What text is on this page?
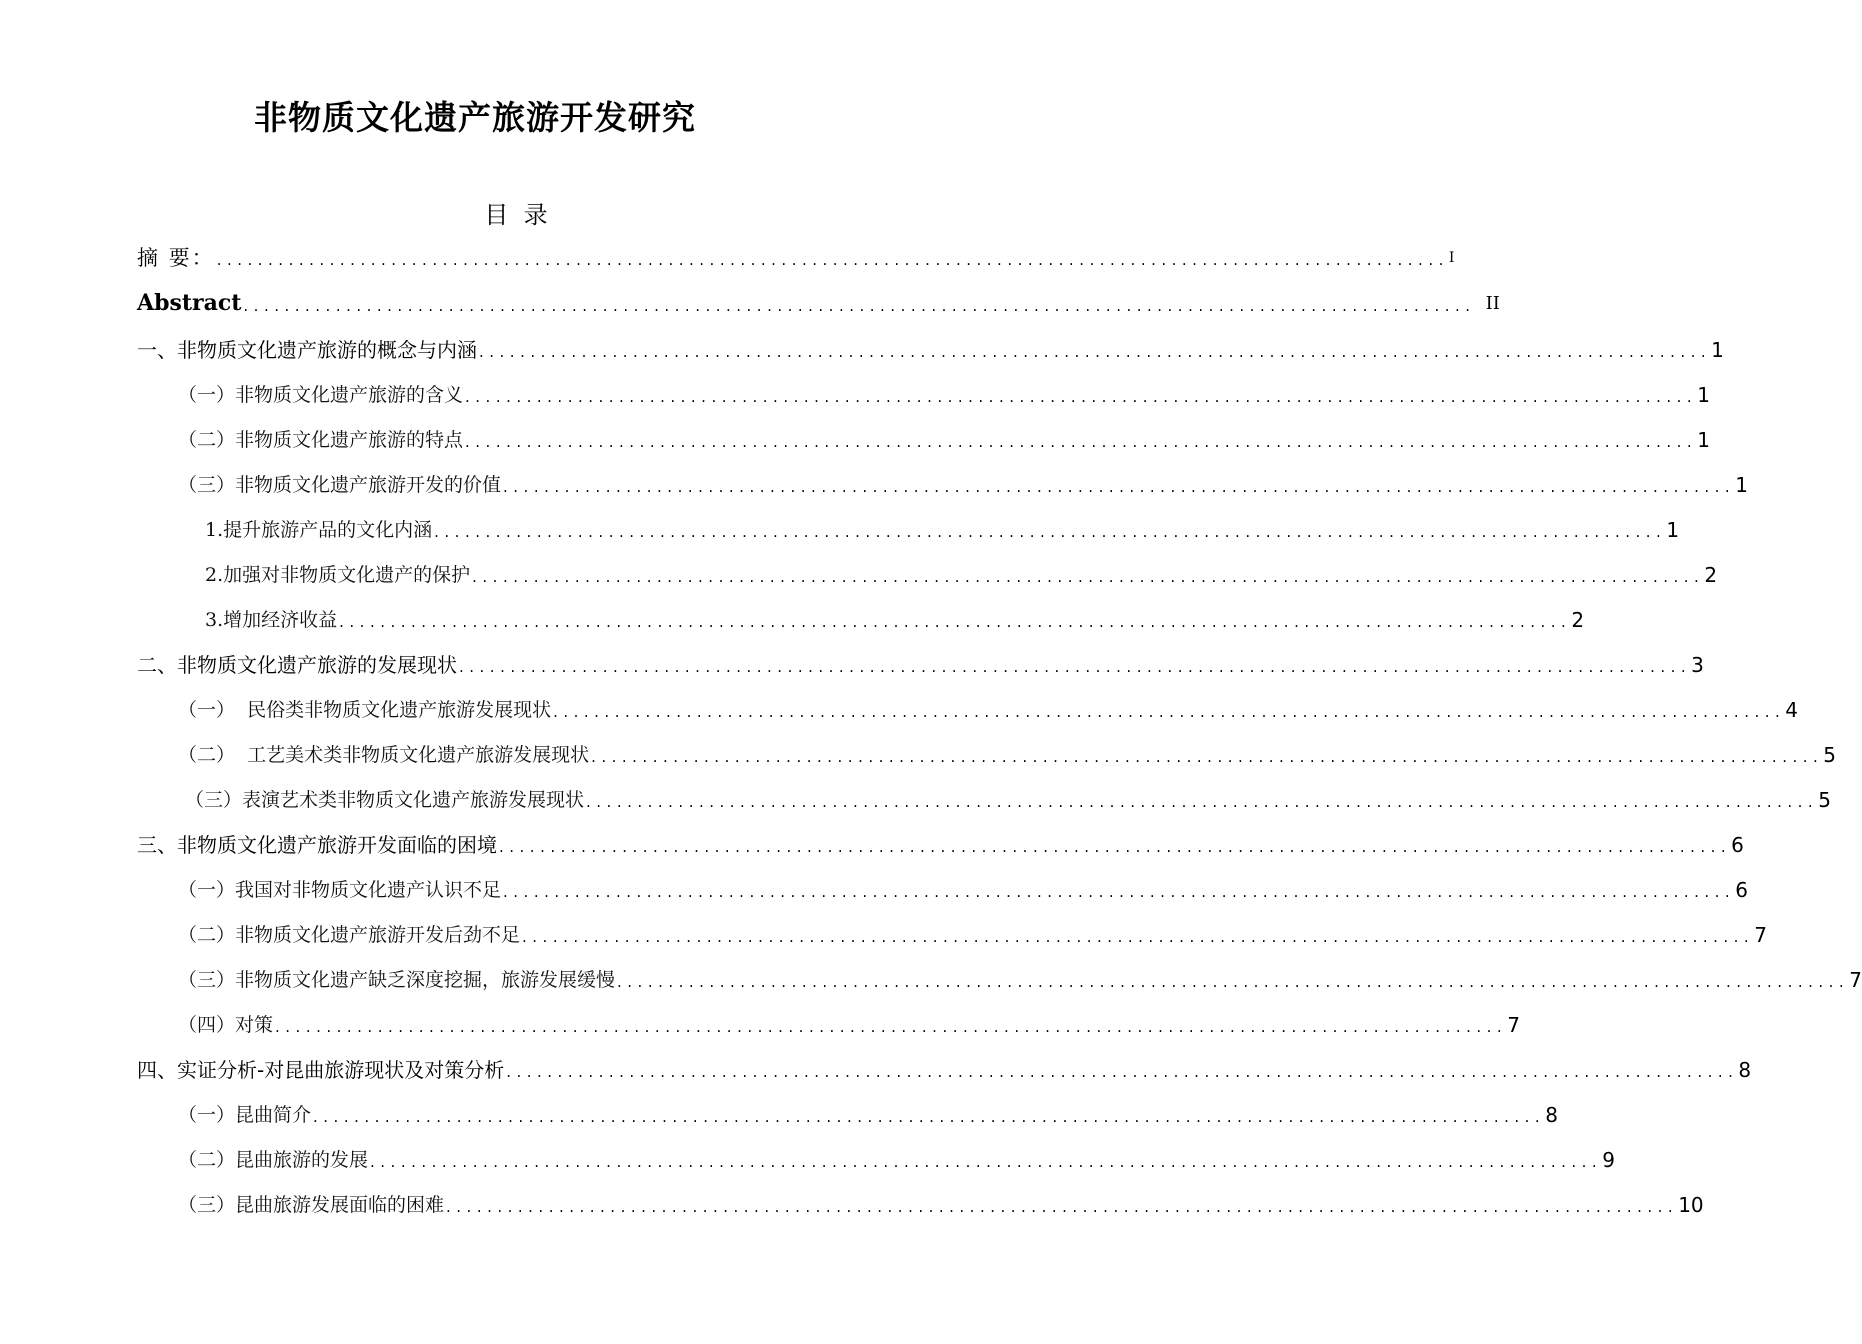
非物质文化遗产旅游开发研究
目  录
摘 要： ........................................................................................................................ I
Abstract ........................................................................................................................ II
一、非物质文化遗产旅游的概念与内涵 ........................................................................................................................ 1
（一）非物质文化遗产旅游的含义 ........................................................................................................................ 1
（二）非物质文化遗产旅游的特点 ........................................................................................................................ 1
（三）非物质文化遗产旅游开发的价值 ........................................................................................................................ 1
1.提升旅游产品的文化内涵 ........................................................................................................................ 1
2.加强对非物质文化遗产的保护 ........................................................................................................................ 2
3.增加经济收益 ........................................................................................................................ 2
二、非物质文化遗产旅游的发展现状 ........................................................................................................................ 3
（一）  民俗类非物质文化遗产旅游发展现状 ........................................................................................................................ 4
（二）  工艺美术类非物质文化遗产旅游发展现状 ........................................................................................................................ 5
（三）表演艺术类非物质文化遗产旅游发展现状 ........................................................................................................................ 5
三、非物质文化遗产旅游开发面临的困境 ........................................................................................................................ 6
（一）我国对非物质文化遗产认识不足 ........................................................................................................................ 6
（二）非物质文化遗产旅游开发后劲不足 ........................................................................................................................ 7
（三）非物质文化遗产缺乏深度挖掘，旅游发展缓慢 ........................................................................................................................ 7
（四）对策 ........................................................................................................................ 7
四、实证分析-对昆曲旅游现状及对策分析 ........................................................................................................................ 8
（一）昆曲简介 ........................................................................................................................ 8
（二）昆曲旅游的发展 ........................................................................................................................ 9
（三）昆曲旅游发展面临的困难 ........................................................................................................................ 10
